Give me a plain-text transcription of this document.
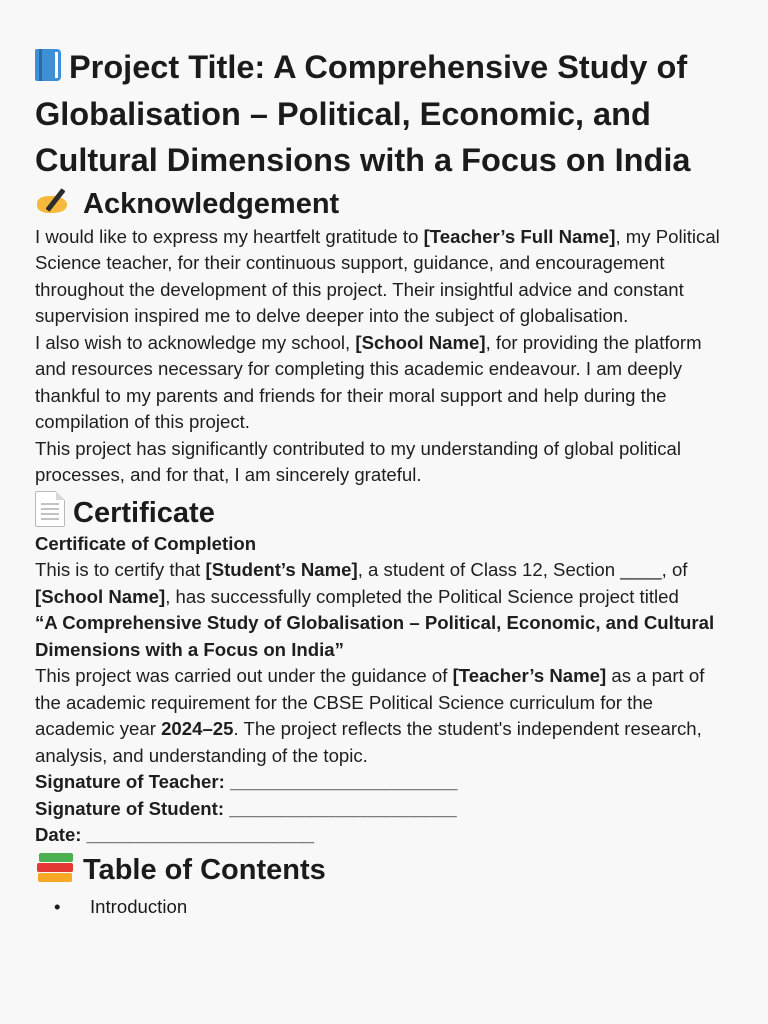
Project Title: A Comprehensive Study of Globalisation – Political, Economic, and Cultural Dimensions with a Focus on India
Acknowledgement

I would like to express my heartfelt gratitude to [Teacher’s Full Name], my Political Science teacher, for their continuous support, guidance, and encouragement throughout the development of this project. Their insightful advice and constant supervision inspired me to delve deeper into the subject of globalisation.

I also wish to acknowledge my school, [School Name], for providing the platform and resources necessary for completing this academic endeavour. I am deeply thankful to my parents and friends for their moral support and help during the compilation of this project.

This project has significantly contributed to my understanding of global political processes, and for that, I am sincerely grateful.

Certificate

Certificate of Completion

This is to certify that [Student’s Name], a student of Class 12, Section ____, of [School Name], has successfully completed the Political Science project titled

“A Comprehensive Study of Globalisation – Political, Economic, and Cultural Dimensions with a Focus on India”

This project was carried out under the guidance of [Teacher’s Name] as a part of the academic requirement for the CBSE Political Science curriculum for the academic year 2024–25. The project reflects the student's independent research, analysis, and understanding of the topic.

Signature of Teacher: ______________________

Signature of Student: ______________________

Date: ______________________

Table of Contents

• Introduction
